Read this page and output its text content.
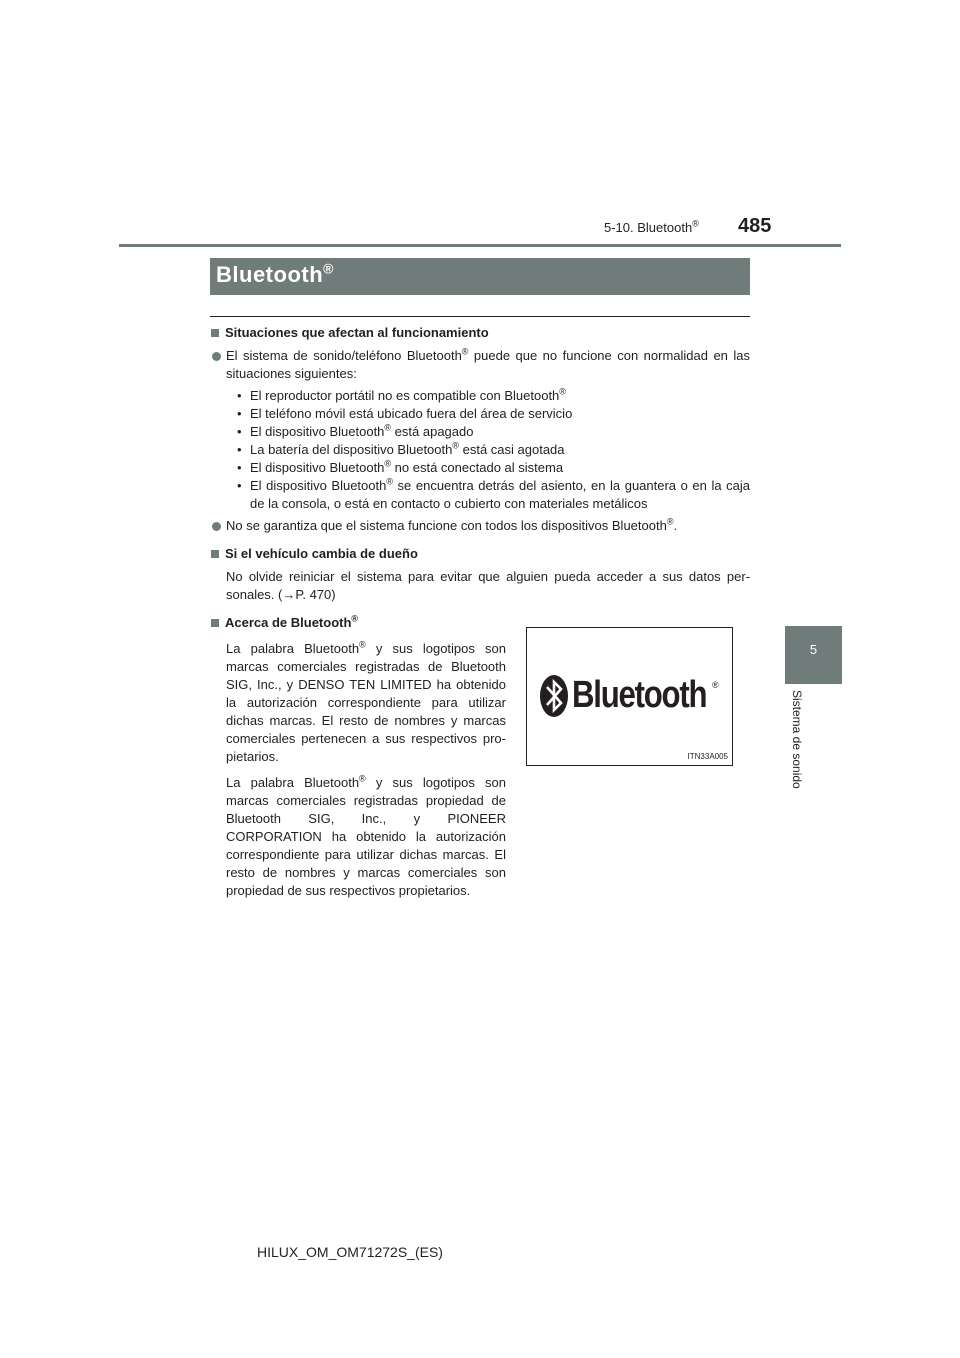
485
5-10. Bluetooth®
Bluetooth®
5
Sistema de sonido
Situaciones que afectan al funcionamiento
El sistema de sonido/teléfono Bluetooth® puede que no funcione con normalidad en las situaciones siguientes:
• El reproductor portátil no es compatible con Bluetooth®
• El teléfono móvil está ubicado fuera del área de servicio
• El dispositivo Bluetooth® está apagado
• La batería del dispositivo Bluetooth® está casi agotada
• El dispositivo Bluetooth® no está conectado al sistema
• El dispositivo Bluetooth® se encuentra detrás del asiento, en la guantera o en la caja de la consola, o está en contacto o cubierto con materiales metálicos
No se garantiza que el sistema funcione con todos los dispositivos Bluetooth®.
Si el vehículo cambia de dueño
No olvide reiniciar el sistema para evitar que alguien pueda acceder a sus datos per-sonales. (→P. 470)
Acerca de Bluetooth®
La palabra Bluetooth® y sus logotipos son marcas comerciales registradas de Bluetooth SIG, Inc., y DENSO TEN LIMITED ha obtenido la autorización correspondiente para utilizar dichas marcas. El resto de nombres y marcas comerciales pertenecen a sus respectivos pro-pietarios.
La palabra Bluetooth® y sus logotipos son marcas comerciales registradas propiedad de Bluetooth SIG, Inc., y PIONEER CORPORATION ha obtenido la autorización correspondiente para utilizar dichas marcas. El resto de nombres y marcas comerciales son propiedad de sus respectivos propietarios.
Bluetooth ®
ITN33A005
HILUX_OM_OM71272S_(ES)
